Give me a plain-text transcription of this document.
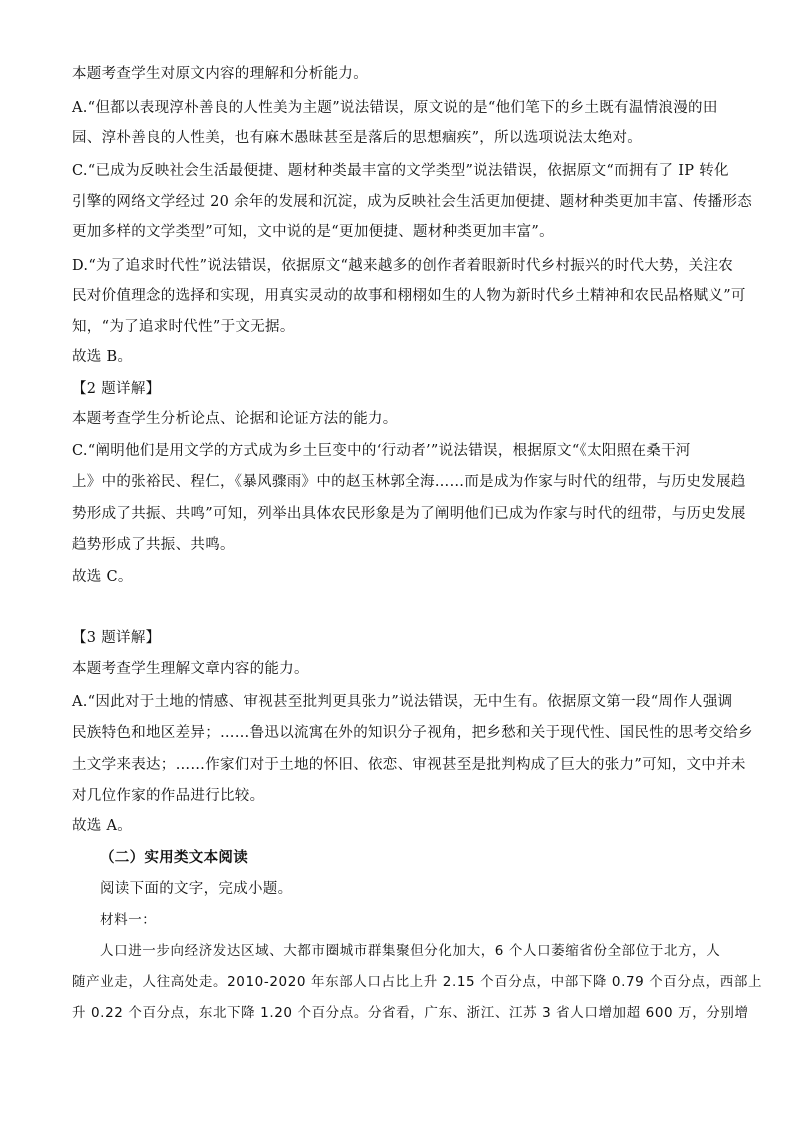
本题考查学生对原文内容的理解和分析能力。
A.“但都以表现淳朴善良的人性美为主题”说法错误，原文说的是“他们笔下的乡土既有温情浪漫的田
园、淳朴善良的人性美，也有麻木愚昧甚至是落后的思想痼疾”，所以选项说法太绝对。
C.“已成为反映社会生活最便捷、题材种类最丰富的文学类型”说法错误，依据原文“而拥有了 IP 转化
引擎的网络文学经过 20 余年的发展和沉淀，成为反映社会生活更加便捷、题材种类更加丰富、传播形态
更加多样的文学类型”可知，文中说的是“更加便捷、题材种类更加丰富”。
D.“为了追求时代性”说法错误，依据原文“越来越多的创作者着眼新时代乡村振兴的时代大势，关注农
民对价值理念的选择和实现，用真实灵动的故事和栩栩如生的人物为新时代乡土精神和农民品格赋义”可
知，“为了追求时代性”于文无据。
故选 B。
【2 题详解】
本题考查学生分析论点、论据和论证方法的能力。
C.“阐明他们是用文学的方式成为乡土巨变中的‘行动者’”说法错误，根据原文“《太阳照在桑干河
上》中的张裕民、程仁，《暴风骤雨》中的赵玉林郭全海……而是成为作家与时代的纽带，与历史发展趋
势形成了共振、共鸣”可知，列举出具体农民形象是为了阐明他们已成为作家与时代的纽带，与历史发展
趋势形成了共振、共鸣。
故选 C。
【3 题详解】
本题考查学生理解文章内容的能力。
A.“因此对于土地的情感、审视甚至批判更具张力”说法错误，无中生有。依据原文第一段“周作人强调
民族特色和地区差异；……鲁迅以流寓在外的知识分子视角，把乡愁和关于现代性、国民性的思考交给乡
土文学来表达；……作家们对于土地的怀旧、依恋、审视甚至是批判构成了巨大的张力”可知，文中并未
对几位作家的作品进行比较。
故选 A。
（二）实用类文本阅读
阅读下面的文字，完成小题。
材料一：
人口进一步向经济发达区域、大都市圈城市群集聚但分化加大，6 个人口萎缩省份全部位于北方，人
随产业走，人往高处走。2010-2020 年东部人口占比上升 2.15 个百分点，中部下降 0.79 个百分点，西部上
升 0.22 个百分点，东北下降 1.20 个百分点。分省看，广东、浙江、江苏 3 省人口增加超 600 万，分别增
